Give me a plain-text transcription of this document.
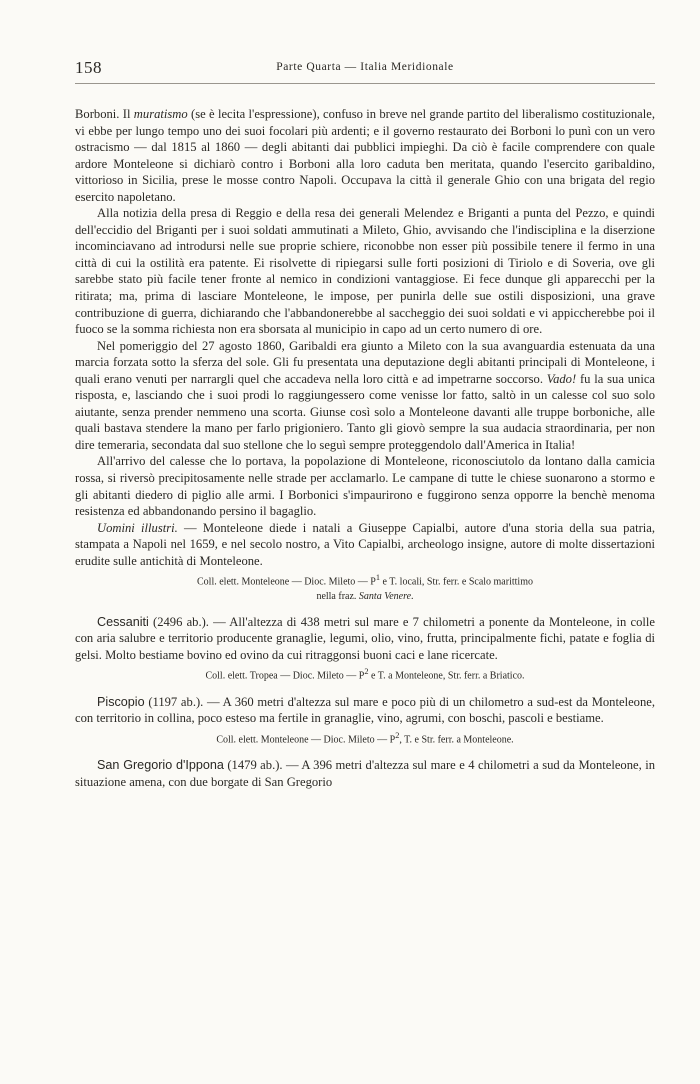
158	Parte Quarta — Italia Meridionale

Borboni. Il muratismo (se è lecita l'espressione), confuso in breve nel grande partito del liberalismo costituzionale, vi ebbe per lungo tempo uno dei suoi focolari più ardenti; e il governo restaurato dei Borboni lo punì con un vero ostracismo — dal 1815 al 1860 — degli abitanti dai pubblici impieghi. Da ciò è facile comprendere con quale ardore Monteleone si dichiarò contro i Borboni alla loro caduta ben meritata, quando l'esercito garibaldino, vittorioso in Sicilia, prese le mosse contro Napoli. Occupava la città il generale Ghio con una brigata del regio esercito napoletano.

Alla notizia della presa di Reggio e della resa dei generali Melendez e Briganti a punta del Pezzo, e quindi dell'eccidio del Briganti per i suoi soldati ammutinati a Mileto, Ghio, avvisando che l'indisciplina e la diserzione incominciavano ad introdursi nelle sue proprie schiere, riconobbe non esser più possibile tenere il fermo in una città di cui la ostilità era patente. Ei risolvette di ripiegarsi sulle forti posizioni di Tiriolo e di Soveria, ove gli sarebbe stato più facile tener fronte al nemico in condizioni vantaggiose. Ei fece dunque gli apparecchi per la ritirata; ma, prima di lasciare Monteleone, le impose, per punirla delle sue ostili disposizioni, una grave contribuzione di guerra, dichiarando che l'abbandonerebbe al saccheggio dei suoi soldati e vi appiccherebbe poi il fuoco se la somma richiesta non era sborsata al municipio in capo ad un certo numero di ore.

Nel pomeriggio del 27 agosto 1860, Garibaldi era giunto a Mileto con la sua avanguardia estenuata da una marcia forzata sotto la sferza del sole. Gli fu presentata una deputazione degli abitanti principali di Monteleone, i quali erano venuti per narrargli quel che accadeva nella loro città e ad impetrarne soccorso. Vado! fu la sua unica risposta, e, lasciando che i suoi prodi lo raggiungessero come venisse lor fatto, saltò in un calesse col suo solo aiutante, senza prender nemmeno una scorta. Giunse così solo a Monteleone davanti alle truppe borboniche, alle quali bastava stendere la mano per farlo prigioniero. Tanto gli giovò sempre la sua audacia straordinaria, per non dire temeraria, secondata dal suo stellone che lo seguì sempre proteggendolo dall'America in Italia!

All'arrivo del calesse che lo portava, la popolazione di Monteleone, riconosciutolo da lontano dalla camicia rossa, si riversò precipitosamente nelle strade per acclamarlo. Le campane di tutte le chiese suonarono a stormo e gli abitanti diedero di piglio alle armi. I Borbonici s'impaurirono e fuggirono senza opporre la benchè menoma resistenza ed abbandonando persino il bagaglio.

Uomini illustri. — Monteleone diede i natali a Giuseppe Capialbi, autore d'una storia della sua patria, stampata a Napoli nel 1659, e nel secolo nostro, a Vito Capialbi, archeologo insigne, autore di molte dissertazioni erudite sulle antichità di Monteleone.

Coll. elett. Monteleone — Dioc. Mileto — $P^1$ e T. locali, Str. ferr. e Scalo marittimo
nella fraz. Santa Venere.

Cessaniti (2496 ab.). — All'altezza di 438 metri sul mare e 7 chilometri a ponente da Monteleone, in colle con aria salubre e territorio producente granaglie, legumi, olio, vino, frutta, principalmente fichi, patate e foglia di gelsi. Molto bestiame bovino ed ovino da cui ritraggonsi buoni caci e lane ricercate.

Coll. elett. Tropea — Dioc. Mileto — $P^2$ e T. a Monteleone, Str. ferr. a Briatico.

Piscopio (1197 ab.). — A 360 metri d'altezza sul mare e poco più di un chilometro a sud-est da Monteleone, con territorio in collina, poco esteso ma fertile in granaglie, vino, agrumi, con boschi, pascoli e bestiame.

Coll. elett. Monteleone — Dioc. Mileto — $P^2$, T. e Str. ferr. a Monteleone.

San Gregorio d'Ippona (1479 ab.). — A 396 metri d'altezza sul mare e 4 chilometri a sud da Monteleone, in situazione amena, con due borgate di San Gregorio
